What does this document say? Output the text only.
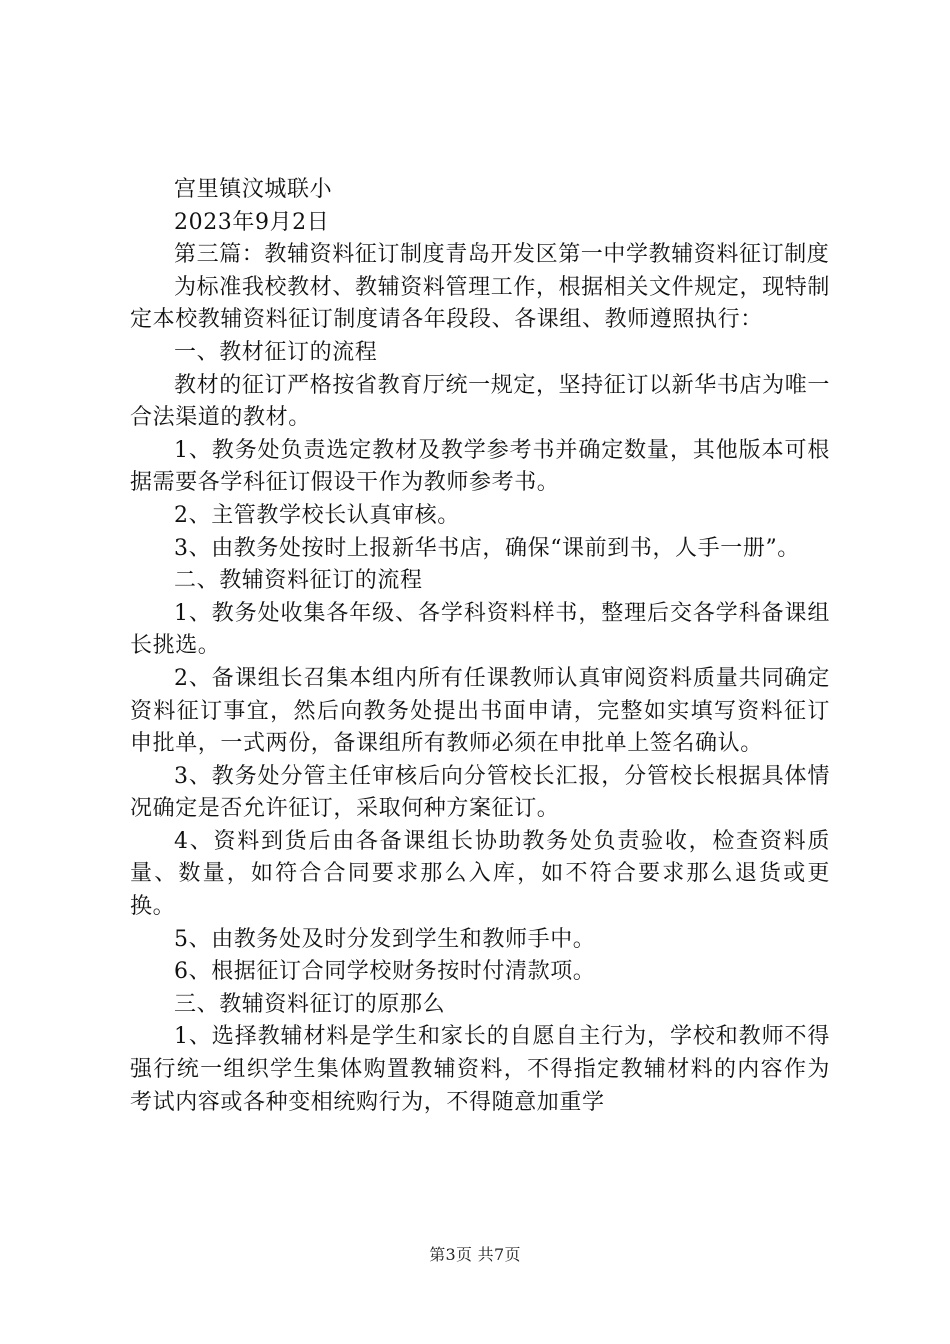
宫里镇汶城联小

2023年9月2日

第三篇：教辅资料征订制度青岛开发区第一中学教辅资料征订制度

为标准我校教材、教辅资料管理工作，根据相关文件规定，现特制定本校教辅资料征订制度请各年段段、各课组、教师遵照执行：

一、教材征订的流程

教材的征订严格按省教育厅统一规定，坚持征订以新华书店为唯一合法渠道的教材。

1、教务处负责选定教材及教学参考书并确定数量，其他版本可根据需要各学科征订假设干作为教师参考书。

2、主管教学校长认真审核。

3、由教务处按时上报新华书店，确保“课前到书，人手一册”。

二、教辅资料征订的流程

1、教务处收集各年级、各学科资料样书，整理后交各学科备课组长挑选。

2、备课组长召集本组内所有任课教师认真审阅资料质量共同确定资料征订事宜，然后向教务处提出书面申请，完整如实填写资料征订申批单，一式两份，备课组所有教师必须在申批单上签名确认。

3、教务处分管主任审核后向分管校长汇报，分管校长根据具体情况确定是否允许征订，采取何种方案征订。

4、资料到货后由各备课组长协助教务处负责验收，检查资料质量、数量，如符合合同要求那么入库，如不符合要求那么退货或更换。

5、由教务处及时分发到学生和教师手中。

6、根据征订合同学校财务按时付清款项。

三、教辅资料征订的原那么

1、选择教辅材料是学生和家长的自愿自主行为，学校和教师不得强行统一组织学生集体购置教辅资料，不得指定教辅材料的内容作为考试内容或各种变相统购行为，不得随意加重学

第3页 共7页
